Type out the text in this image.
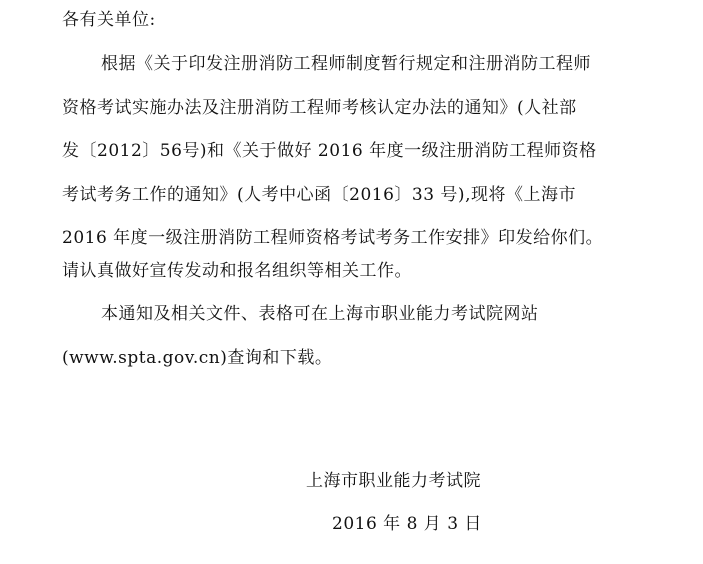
各有关单位:
根据《关于印发注册消防工程师制度暂行规定和注册消防工程师
资格考试实施办法及注册消防工程师考核认定办法的通知》(人社部
发〔2012〕56号)和《关于做好 2016 年度一级注册消防工程师资格
考试考务工作的通知》(人考中心函〔2016〕33 号),现将《上海市
2016 年度一级注册消防工程师资格考试考务工作安排》印发给你们。
请认真做好宣传发动和报名组织等相关工作。
本通知及相关文件、表格可在上海市职业能力考试院网站
(www.spta.gov.cn)查询和下载。
上海市职业能力考试院
2016 年 8 月 3 日
